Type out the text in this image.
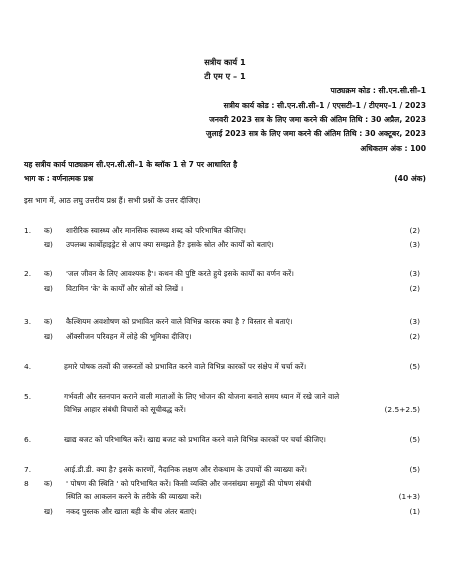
सत्रीय कार्य 1
टी एम ए – 1
पाठ्यक्रम कोड : सी.एन.सी.सी–1
सत्रीय कार्य कोड : सी.एन.सी.सी–1 / एएसटी–1 / टीएमए–1 / 2023
जनवरी 2023 सत्र के लिए जमा करने की अंतिम तिथि : 30 अप्रैल, 2023
जुलाई 2023 सत्र के लिए जमा करने की अंतिम तिथि : 30 अक्टूबर, 2023
अधिकतम अंक : 100
यह सत्रीय कार्य पाठ्यक्रम सी.एन.सी.सी–1 के ब्लॉक 1 से 7 पर आधारित है
भाग क : वर्णनात्मक प्रश्न	(40 अंक)
इस भाग में, आठ लघु उत्तरीय प्रश्न हैं। सभी प्रश्नों के उत्तर दीजिए।
1. क) शारीरिक स्वास्थ्य और मानसिक स्वास्थ्य शब्द को परिभाषित कीजिए।	(2)
ख) उपलब्ध कार्बोहाइड्रेट से आप क्या समझते हैं? इसके स्रोत और कार्यों को बताएं।	(3)
2. क) 'जल जीवन के लिए आवश्यक है'। कथन की पुष्टि करते हुये इसके कार्यों का वर्णन करें।	(3)
ख) विटामिन 'के' के कार्यों और स्रोतों को लिखें ।	(2)
3. क) कैल्शियम अवशोषण को प्रभावित करने वाले विभिन्न कारक क्या है ? विस्तार से बताएं।	(3)
ख) ऑक्सीजन परिवहन में लोहे की भूमिका दीजिए।	(2)
4.	हमारे पोषक तत्वों की जरूरतों को प्रभावित करने वाले विभिन्न कारकों पर संक्षेप में चर्चा करें।	(5)
5.	गर्भवती और स्तनपान कराने वाली माताओं के लिए भोजन की योजना बनाते समय ध्यान में रखे जाने वाले
विभिन्न आहार संबंधी विचारों को सूचीबद्ध करें।	(2.5+2.5)
6.	खाद्य बजट को परिभाषित करें। खाद्य बजट को प्रभावित करने वाले विभिन्न कारकों पर चर्चा कीजिए।	(5)
7.	आई.डी.डी. क्या है? इसके कारणों, नैदानिक लक्षण और रोकथाम के उपायों की व्याख्या करें।	(5)
8 क) ' पोषण की स्थिति ' को परिभाषित करें। किसी व्यक्ति और जनसंख्या समूहों की पोषण संबंधी
स्थिति का आकलन करने के तरीके की व्याख्या करें।	(1+3)
ख) नकद पुस्तक और खाता बही के बीच अंतर बताएं।	(1)
